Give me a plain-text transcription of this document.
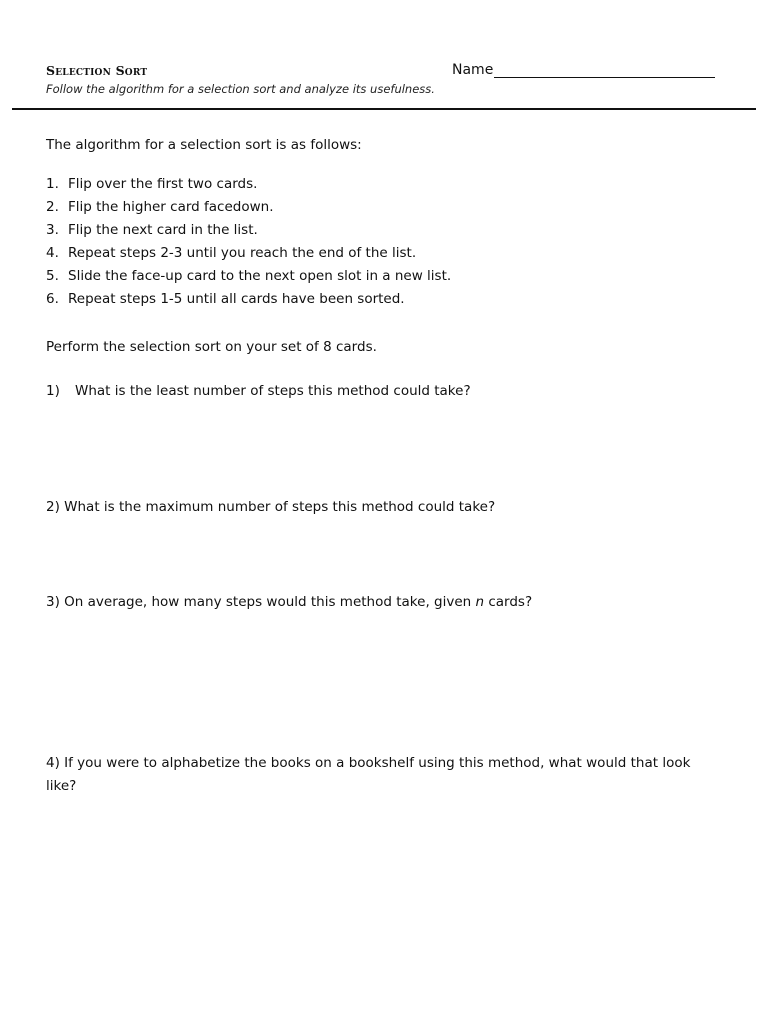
Selection Sort	Name
Follow the algorithm for a selection sort and analyze its usefulness.
The algorithm for a selection sort is as follows:
1. Flip over the first two cards.
2. Flip the higher card facedown.
3. Flip the next card in the list.
4. Repeat steps 2-3 until you reach the end of the list.
5. Slide the face-up card to the next open slot in a new list.
6. Repeat steps 1-5 until all cards have been sorted.
Perform the selection sort on your set of 8 cards.
1) What is the least number of steps this method could take?
2) What is the maximum number of steps this method could take?
3) On average, how many steps would this method take, given n cards?
4) If you were to alphabetize the books on a bookshelf using this method, what would that look like?
